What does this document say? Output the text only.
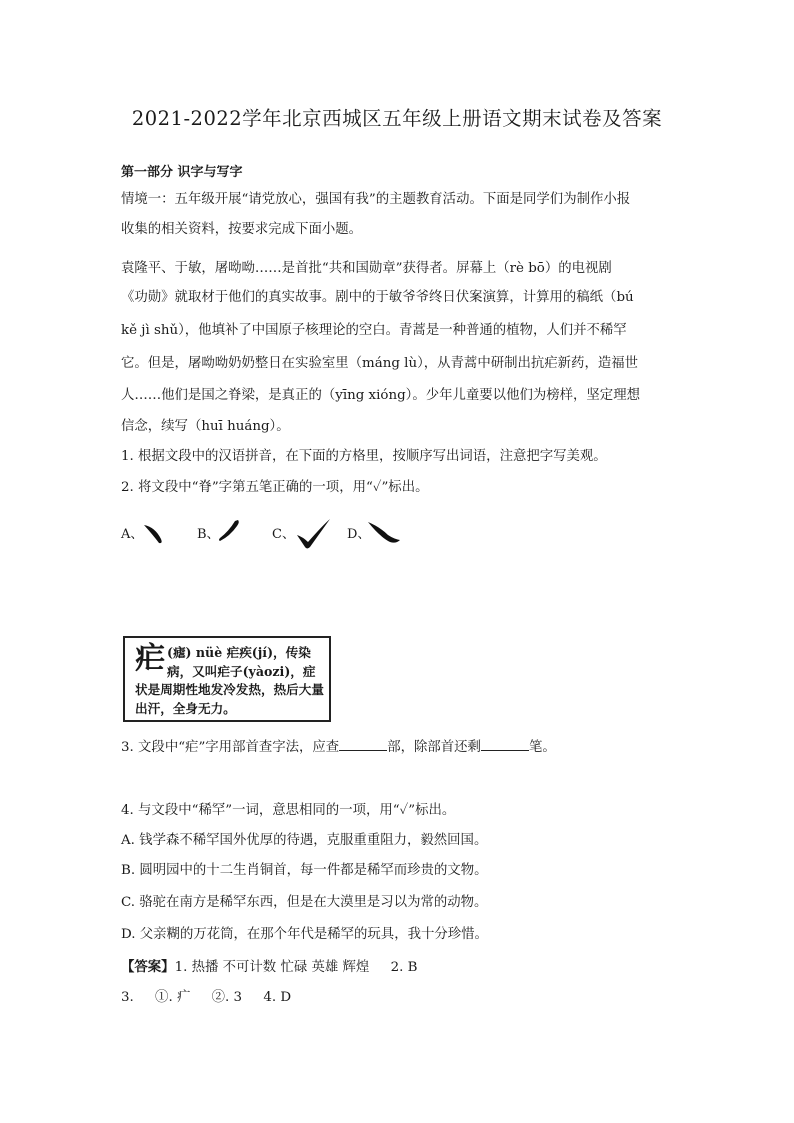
2021-2022学年北京西城区五年级上册语文期末试卷及答案
第一部分 识字与写字
情境一：五年级开展“请党放心，强国有我”的主题教育活动。下面是同学们为制作小报
收集的相关资料，按要求完成下面小题。
袁隆平、于敏，屠呦呦……是首批“共和国勋章”获得者。屏幕上（rè bō）的电视剧
《功勋》就取材于他们的真实故事。剧中的于敏爷爷终日伏案演算，计算用的稿纸（bú
kě jì shǔ），他填补了中国原子核理论的空白。青蒿是一种普通的植物，人们并不稀罕
它。但是，屠呦呦奶奶整日在实验室里（máng lù），从青蒿中研制出抗疟新药，造福世
人……他们是国之脊梁，是真正的（yīng xióng）。少年儿童要以他们为榜样，坚定理想
信念，续写（huī huáng）。
1. 根据文段中的汉语拼音，在下面的方格里，按顺序写出词语，注意把字写美观。
2. 将文段中“脊”字第五笔正确的一项，用“✓”标出。
A、	B、	C、	D、
疟 (瘧) nüè 疟疾(jí)，传染病，又叫疟子(yàozi)，症状是周期性地发冷发热，热后大量出汗，全身无力。
3. 文段中“疟”字用部首查字法，应查	部，除部首还剩	笔。
4. 与文段中“稀罕”一词，意思相同的一项，用“✓”标出。
A. 钱学森不稀罕国外优厚的待遇，克服重重阻力，毅然回国。
B. 圆明园中的十二生肖铜首，每一件都是稀罕而珍贵的文物。
C. 骆驼在南方是稀罕东西，但是在大漠里是习以为常的动物。
D. 父亲糊的万花筒，在那个年代是稀罕的玩具，我十分珍惜。
【答案】1. 热播 不可计数 忙碌 英雄 辉煌     2. B
3.     ①. 疒     ②. 3     4. D
